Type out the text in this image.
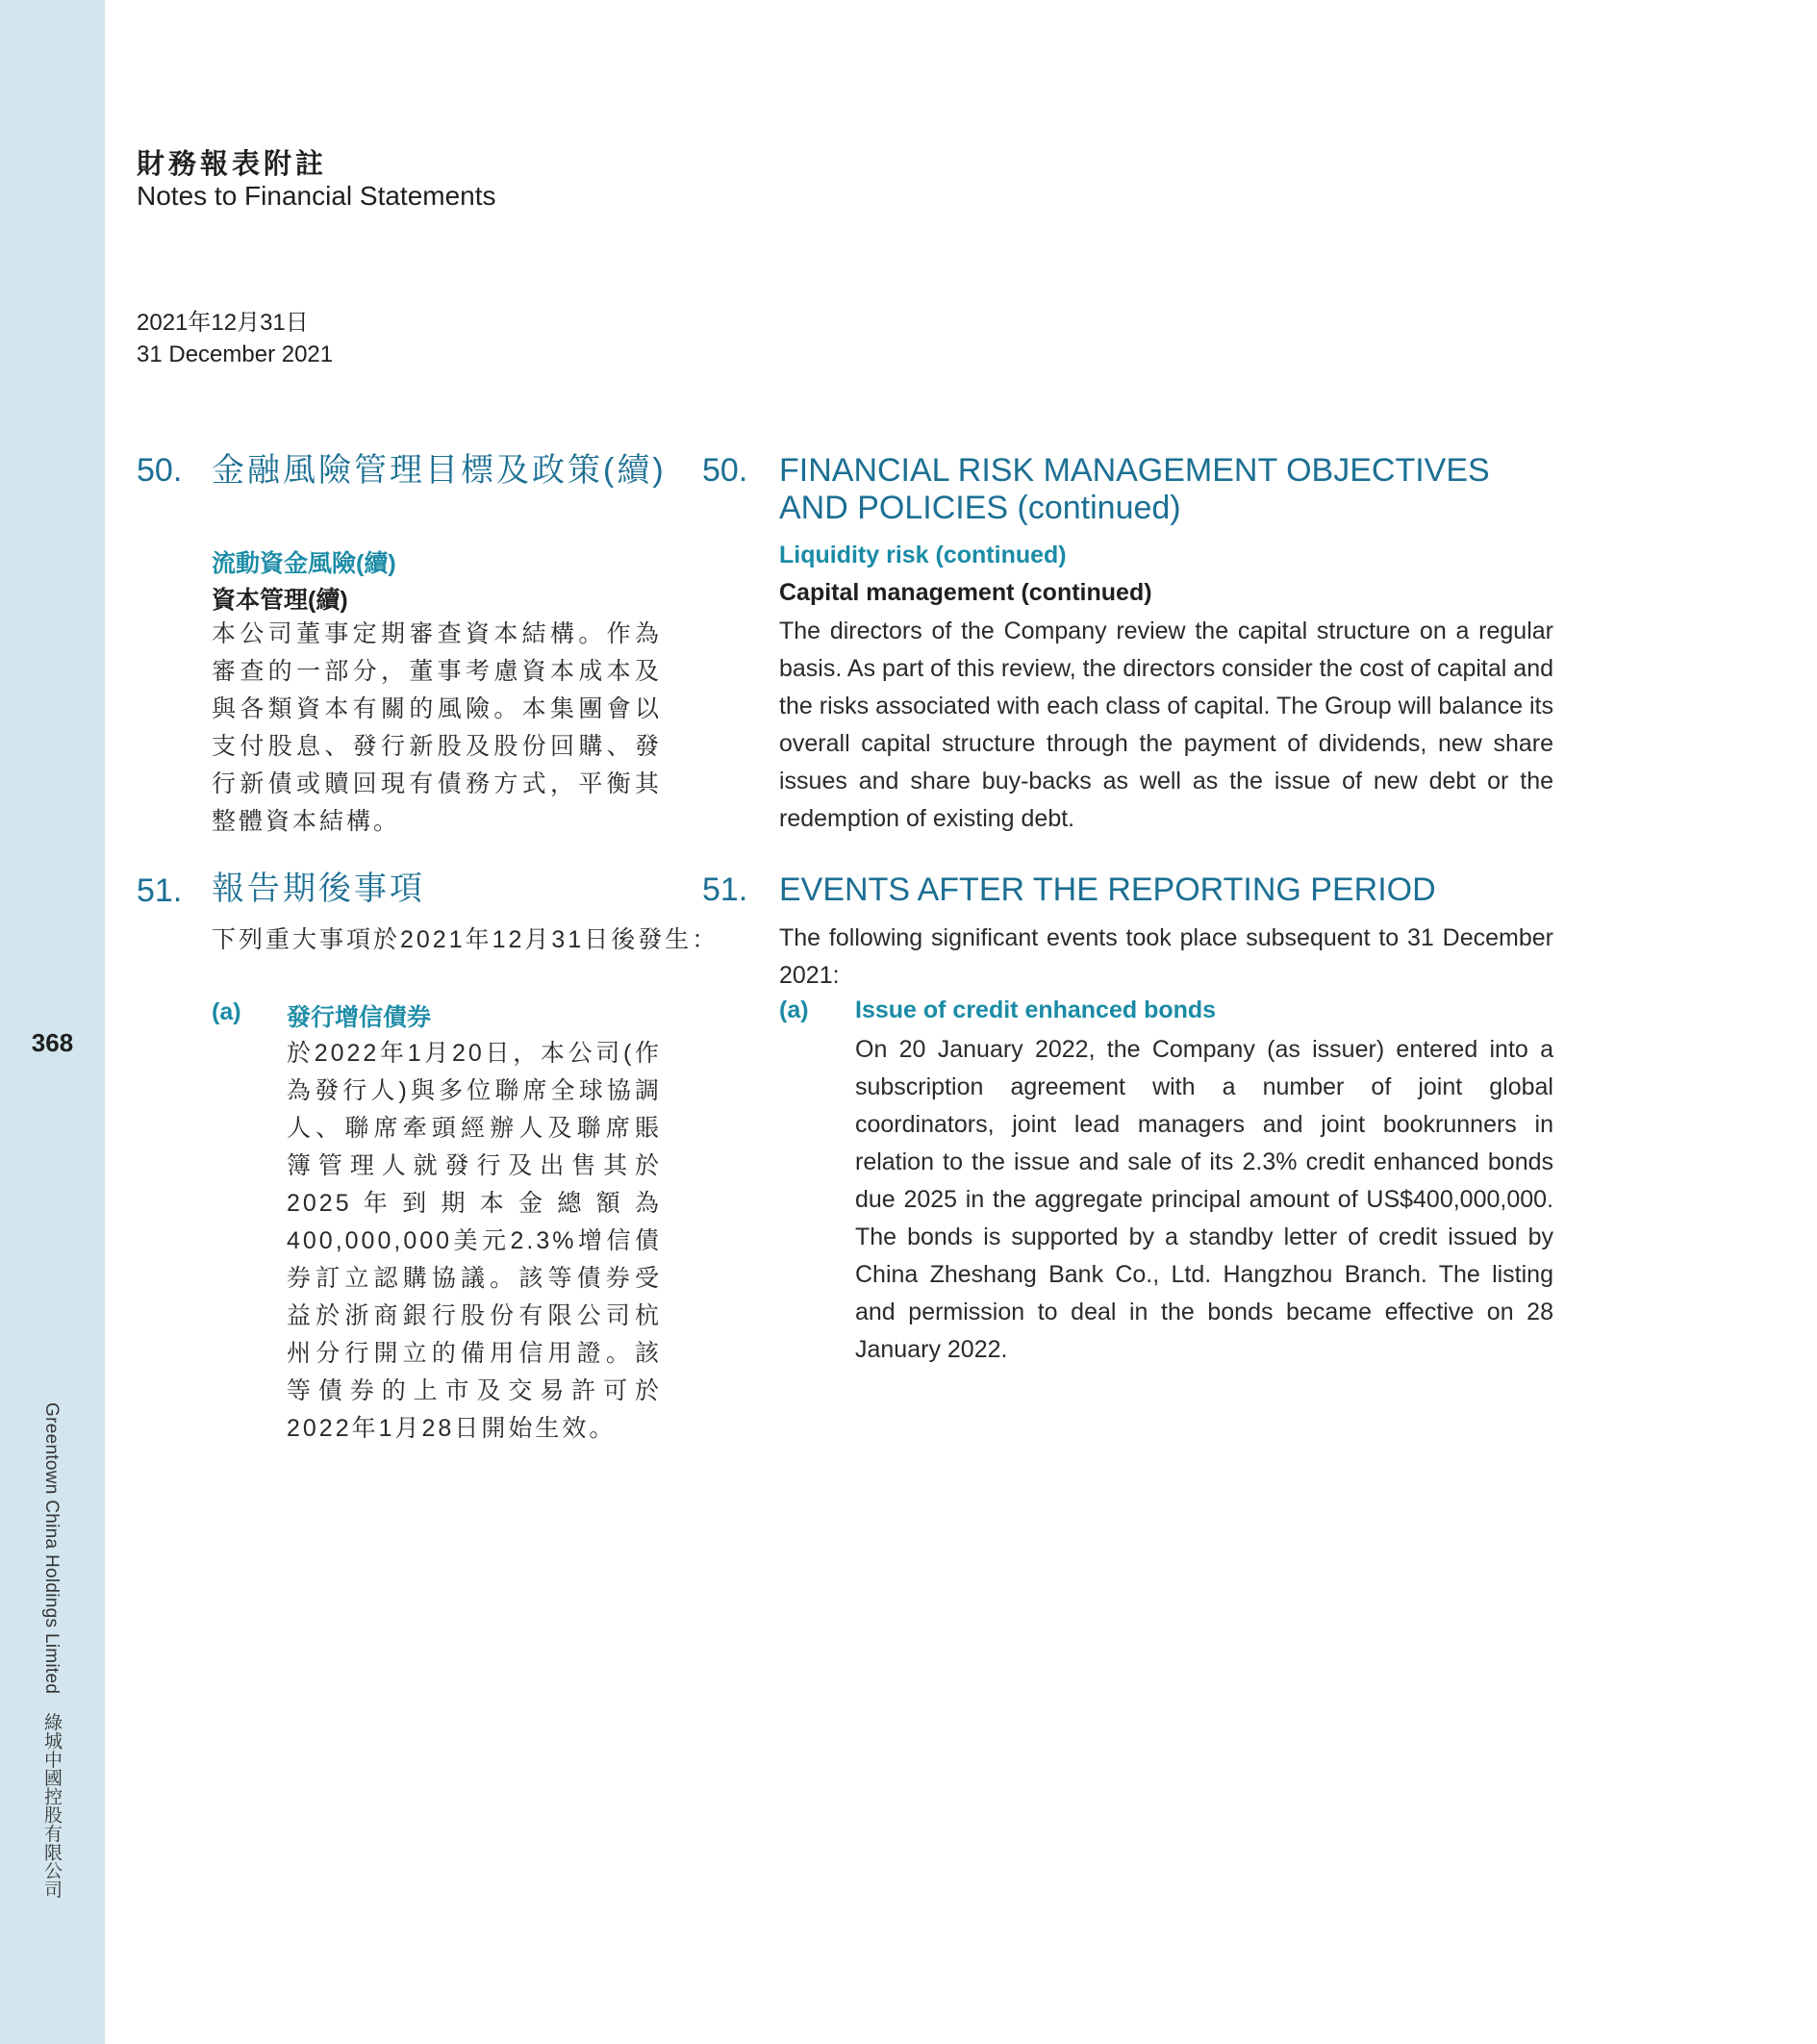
368
Greentown China Holdings Limited　綠城中國控股有限公司
財務報表附註
Notes to Financial Statements
2021年12月31日
31 December 2021
50. 金融風險管理目標及政策(續)
流動資金風險(續)
資本管理(續)
本公司董事定期審查資本結構。作為審查的一部分，董事考慮資本成本及與各類資本有關的風險。本集團會以支付股息、發行新股及股份回購、發行新債或贖回現有債務方式，平衡其整體資本結構。
51. 報告期後事項
下列重大事項於2021年12月31日後發生：
(a) 發行增信債券
於2022年1月20日，本公司(作為發行人)與多位聯席全球協調人、聯席牽頭經辦人及聯席賬簿管理人就發行及出售其於2025年到期本金總額為400,000,000美元2.3%增信債券訂立認購協議。該等債券受益於浙商銀行股份有限公司杭州分行開立的備用信用證。該等債券的上市及交易許可於2022年1月28日開始生效。
50. FINANCIAL RISK MANAGEMENT OBJECTIVES AND POLICIES (continued)
Liquidity risk (continued)
Capital management (continued)
The directors of the Company review the capital structure on a regular basis. As part of this review, the directors consider the cost of capital and the risks associated with each class of capital. The Group will balance its overall capital structure through the payment of dividends, new share issues and share buy-backs as well as the issue of new debt or the redemption of existing debt.
51. EVENTS AFTER THE REPORTING PERIOD
The following significant events took place subsequent to 31 December 2021:
(a) Issue of credit enhanced bonds
On 20 January 2022, the Company (as issuer) entered into a subscription agreement with a number of joint global coordinators, joint lead managers and joint bookrunners in relation to the issue and sale of its 2.3% credit enhanced bonds due 2025 in the aggregate principal amount of US$400,000,000. The bonds is supported by a standby letter of credit issued by China Zheshang Bank Co., Ltd. Hangzhou Branch. The listing and permission to deal in the bonds became effective on 28 January 2022.
